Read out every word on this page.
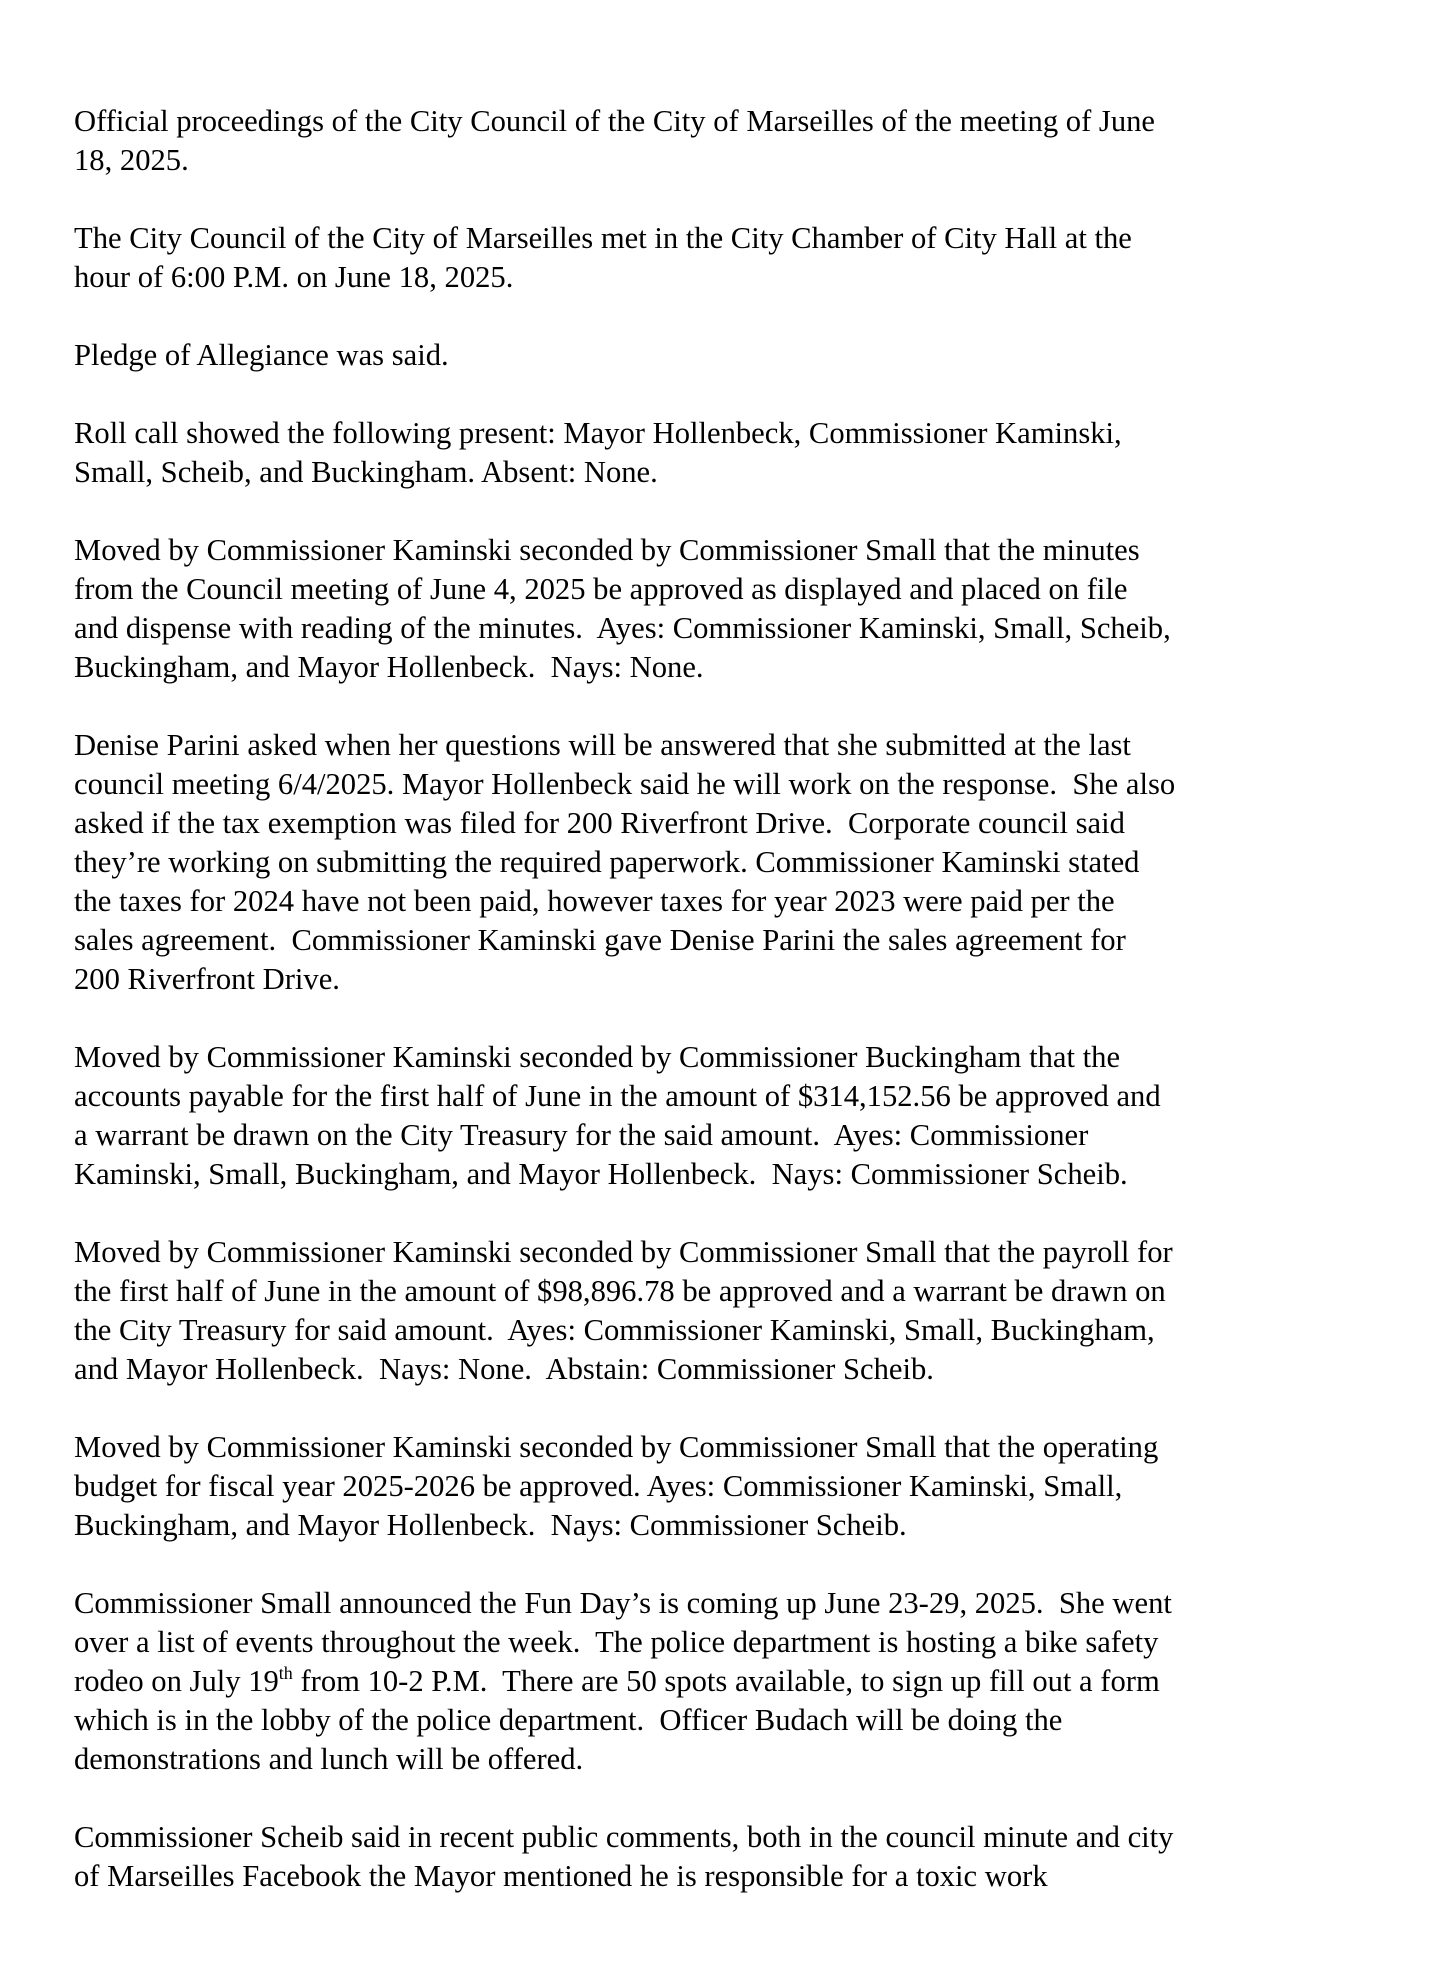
Official proceedings of the City Council of the City of Marseilles of the meeting of June
18, 2025.

The City Council of the City of Marseilles met in the City Chamber of City Hall at the
hour of 6:00 P.M. on June 18, 2025.

Pledge of Allegiance was said.

Roll call showed the following present: Mayor Hollenbeck, Commissioner Kaminski,
Small, Scheib, and Buckingham. Absent: None.

Moved by Commissioner Kaminski seconded by Commissioner Small that the minutes
from the Council meeting of June 4, 2025 be approved as displayed and placed on file
and dispense with reading of the minutes.  Ayes: Commissioner Kaminski, Small, Scheib,
Buckingham, and Mayor Hollenbeck.  Nays: None.

Denise Parini asked when her questions will be answered that she submitted at the last
council meeting 6/4/2025. Mayor Hollenbeck said he will work on the response.  She also
asked if the tax exemption was filed for 200 Riverfront Drive.  Corporate council said
they’re working on submitting the required paperwork. Commissioner Kaminski stated
the taxes for 2024 have not been paid, however taxes for year 2023 were paid per the
sales agreement.  Commissioner Kaminski gave Denise Parini the sales agreement for
200 Riverfront Drive.

Moved by Commissioner Kaminski seconded by Commissioner Buckingham that the
accounts payable for the first half of June in the amount of $314,152.56 be approved and
a warrant be drawn on the City Treasury for the said amount.  Ayes: Commissioner
Kaminski, Small, Buckingham, and Mayor Hollenbeck.  Nays: Commissioner Scheib.

Moved by Commissioner Kaminski seconded by Commissioner Small that the payroll for
the first half of June in the amount of $98,896.78 be approved and a warrant be drawn on
the City Treasury for said amount.  Ayes: Commissioner Kaminski, Small, Buckingham,
and Mayor Hollenbeck.  Nays: None.  Abstain: Commissioner Scheib.

Moved by Commissioner Kaminski seconded by Commissioner Small that the operating
budget for fiscal year 2025-2026 be approved. Ayes: Commissioner Kaminski, Small,
Buckingham, and Mayor Hollenbeck.  Nays: Commissioner Scheib.

Commissioner Small announced the Fun Day’s is coming up June 23-29, 2025.  She went
over a list of events throughout the week.  The police department is hosting a bike safety
rodeo on July 19th from 10-2 P.M.  There are 50 spots available, to sign up fill out a form
which is in the lobby of the police department.  Officer Budach will be doing the
demonstrations and lunch will be offered.

Commissioner Scheib said in recent public comments, both in the council minute and city
of Marseilles Facebook the Mayor mentioned he is responsible for a toxic work
